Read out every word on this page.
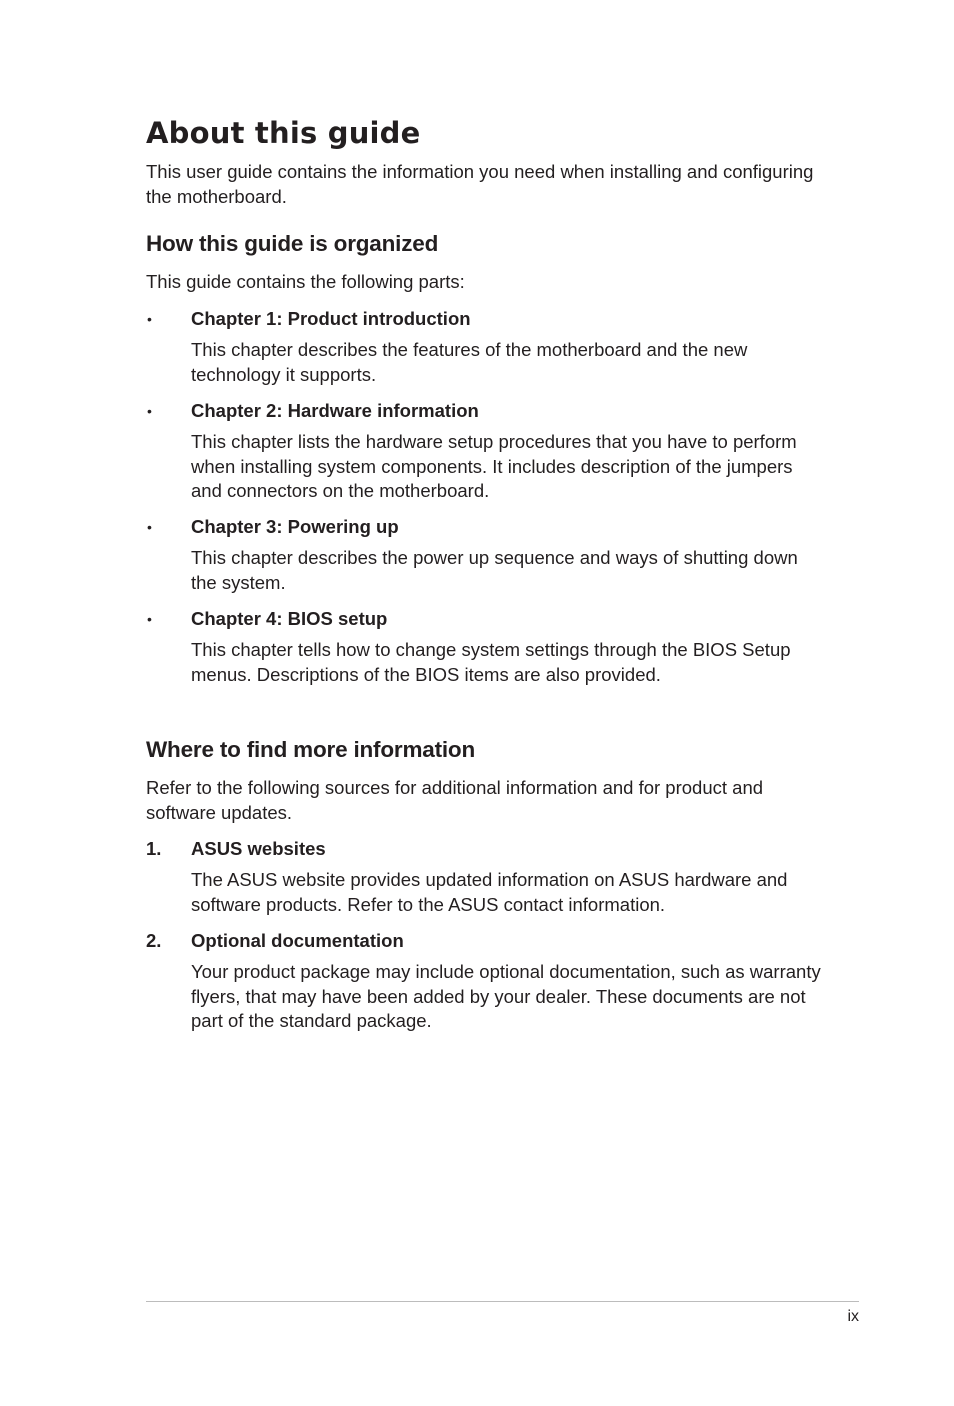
About this guide

This user guide contains the information you need when installing and configuring the motherboard.

How this guide is organized

This guide contains the following parts:

• Chapter 1: Product introduction

This chapter describes the features of the motherboard and the new technology it supports.

• Chapter 2: Hardware information

This chapter lists the hardware setup procedures that you have to perform when installing system components. It includes description of the jumpers and connectors on the motherboard.

• Chapter 3: Powering up

This chapter describes the power up sequence and ways of shutting down the system.

• Chapter 4: BIOS setup

This chapter tells how to change system settings through the BIOS Setup menus. Descriptions of the BIOS items are also provided.

Where to find more information

Refer to the following sources for additional information and for product and software updates.

1. ASUS websites

The ASUS website provides updated information on ASUS hardware and software products. Refer to the ASUS contact information.

2. Optional documentation

Your product package may include optional documentation, such as warranty flyers, that may have been added by your dealer. These documents are not part of the standard package.

ix
